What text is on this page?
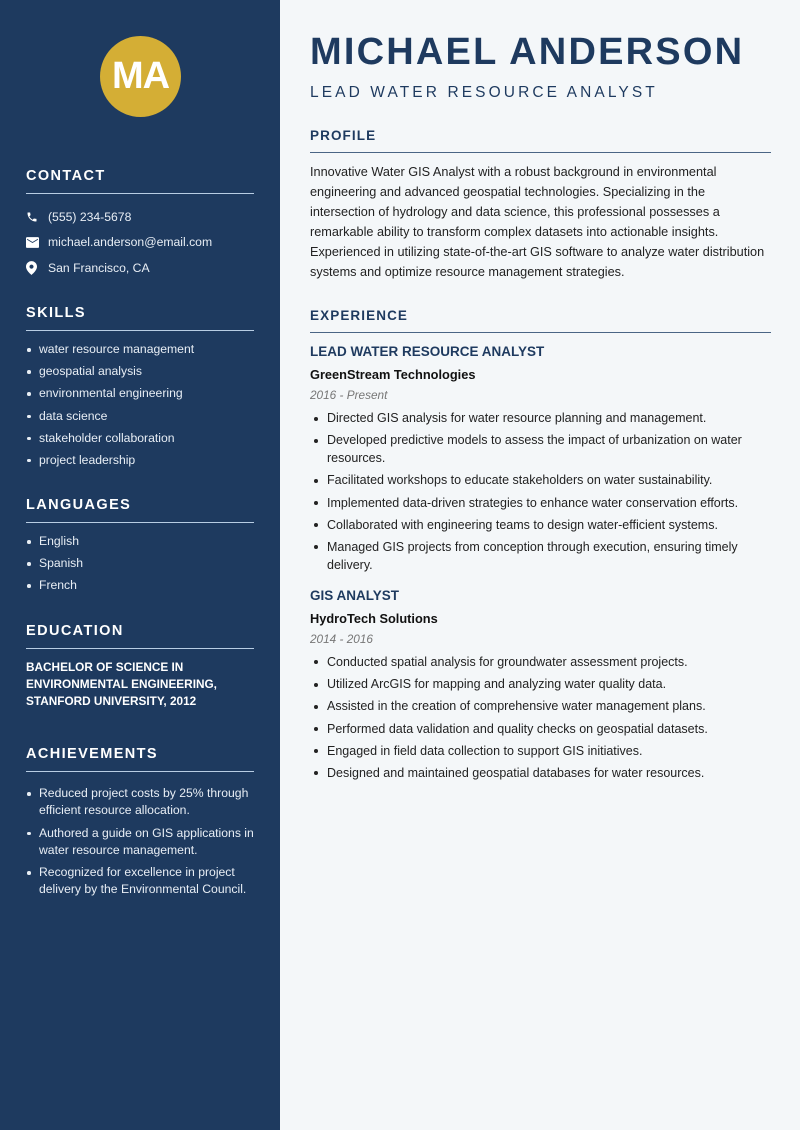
MA
CONTACT
(555) 234-5678
michael.anderson@email.com
San Francisco, CA
SKILLS
water resource management
geospatial analysis
environmental engineering
data science
stakeholder collaboration
project leadership
LANGUAGES
English
Spanish
French
EDUCATION

BACHELOR OF SCIENCE IN ENVIRONMENTAL ENGINEERING, STANFORD UNIVERSITY, 2012

ACHIEVEMENTS
Reduced project costs by 25% through efficient resource allocation.
Authored a guide on GIS applications in water resource management.
Recognized for excellence in project delivery by the Environmental Council.
MICHAEL ANDERSON
LEAD WATER RESOURCE ANALYST
PROFILE

Innovative Water GIS Analyst with a robust background in environmental engineering and advanced geospatial technologies. Specializing in the intersection of hydrology and data science, this professional possesses a remarkable ability to transform complex datasets into actionable insights. Experienced in utilizing state-of-the-art GIS software to analyze water distribution systems and optimize resource management strategies.

EXPERIENCE
LEAD WATER RESOURCE ANALYST
GreenStream Technologies
2016 - Present
Directed GIS analysis for water resource planning and management.
Developed predictive models to assess the impact of urbanization on water resources.
Facilitated workshops to educate stakeholders on water sustainability.
Implemented data-driven strategies to enhance water conservation efforts.
Collaborated with engineering teams to design water-efficient systems.
Managed GIS projects from conception through execution, ensuring timely delivery.
GIS ANALYST
HydroTech Solutions
2014 - 2016
Conducted spatial analysis for groundwater assessment projects.
Utilized ArcGIS for mapping and analyzing water quality data.
Assisted in the creation of comprehensive water management plans.
Performed data validation and quality checks on geospatial datasets.
Engaged in field data collection to support GIS initiatives.
Designed and maintained geospatial databases for water resources.
